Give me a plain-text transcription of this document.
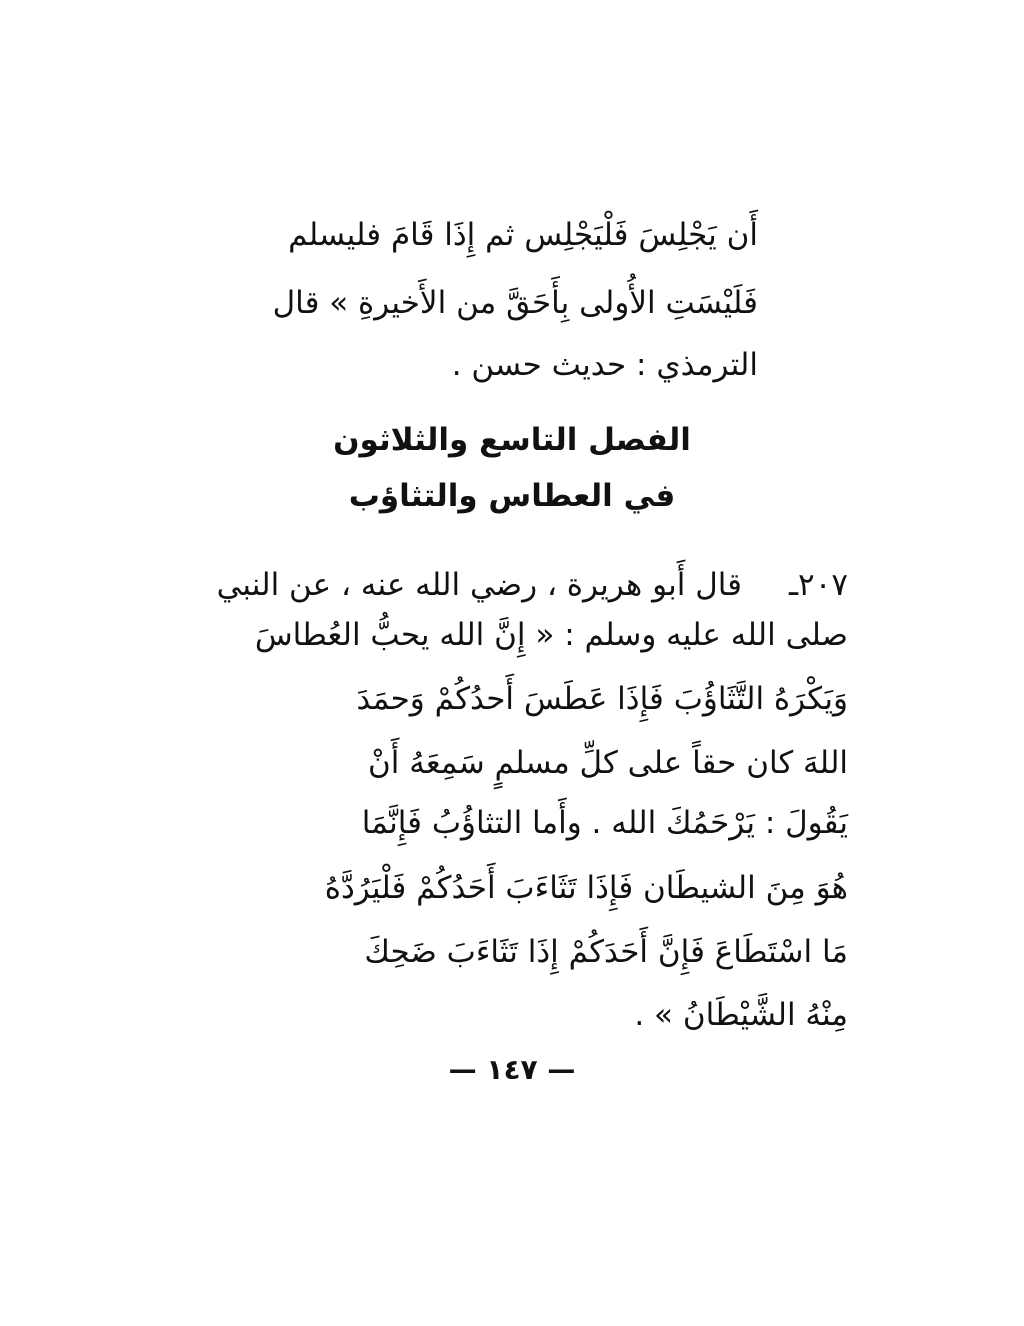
أَن يَجْلِسَ فَلْيَجْلِس ثم إِذَا قَامَ فليسلم
فَلَيْسَتِ الأُولى بِأَحَقَّ من الأَخيرةِ » قال
الترمذي : حديث حسن .
الفصل التاسع والثلاثون
في العطاس والتثاؤب
٢٠٧ـ
قال أَبو هريرة ، رضي الله عنه ، عن النبي
صلى الله عليه وسلم : « إِنَّ الله يحبُّ العُطاسَ
وَيَكْرَهُ التَّثَاؤُبَ فَإِذَا عَطَسَ أَحدُكُمْ وَحمَدَ
اللهَ كان حقاً على كلِّ مسلمٍ سَمِعَهُ أَنْ
يَقُولَ : يَرْحَمُكَ الله . وأَما التثاؤُبُ فَإِنَّمَا
هُوَ مِنَ الشيطَان فَإِذَا تَثَاءَبَ أَحَدُكُمْ فَلْيَرُدَّهُ
مَا اسْتَطَاعَ فَإِنَّ أَحَدَكُمْ إِذَا تَثَاءَبَ ضَحِكَ
مِنْهُ الشَّيْطَانُ » .
— ١٤٧ —
